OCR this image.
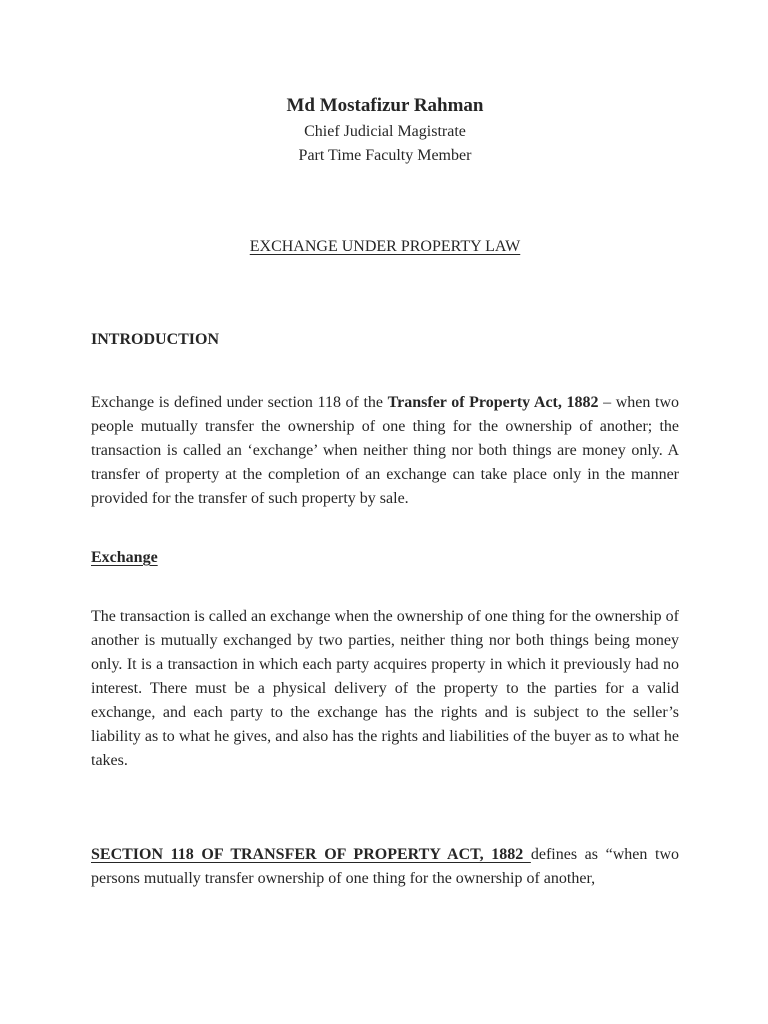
Md Mostafizur Rahman
Chief Judicial Magistrate
Part Time Faculty Member
EXCHANGE UNDER PROPERTY LAW
INTRODUCTION

Exchange is defined under section 118 of the Transfer of Property Act, 1882 – when two people mutually transfer the ownership of one thing for the ownership of another; the transaction is called an ‘exchange’ when neither thing nor both things are money only. A transfer of property at the completion of an exchange can take place only in the manner provided for the transfer of such property by sale.

Exchange

The transaction is called an exchange when the ownership of one thing for the ownership of another is mutually exchanged by two parties, neither thing nor both things being money only. It is a transaction in which each party acquires property in which it previously had no interest. There must be a physical delivery of the property to the parties for a valid exchange, and each party to the exchange has the rights and is subject to the seller’s liability as to what he gives, and also has the rights and liabilities of the buyer as to what he takes.

SECTION 118 OF TRANSFER OF PROPERTY ACT, 1882 defines as “when two persons mutually transfer ownership of one thing for the ownership of another,
